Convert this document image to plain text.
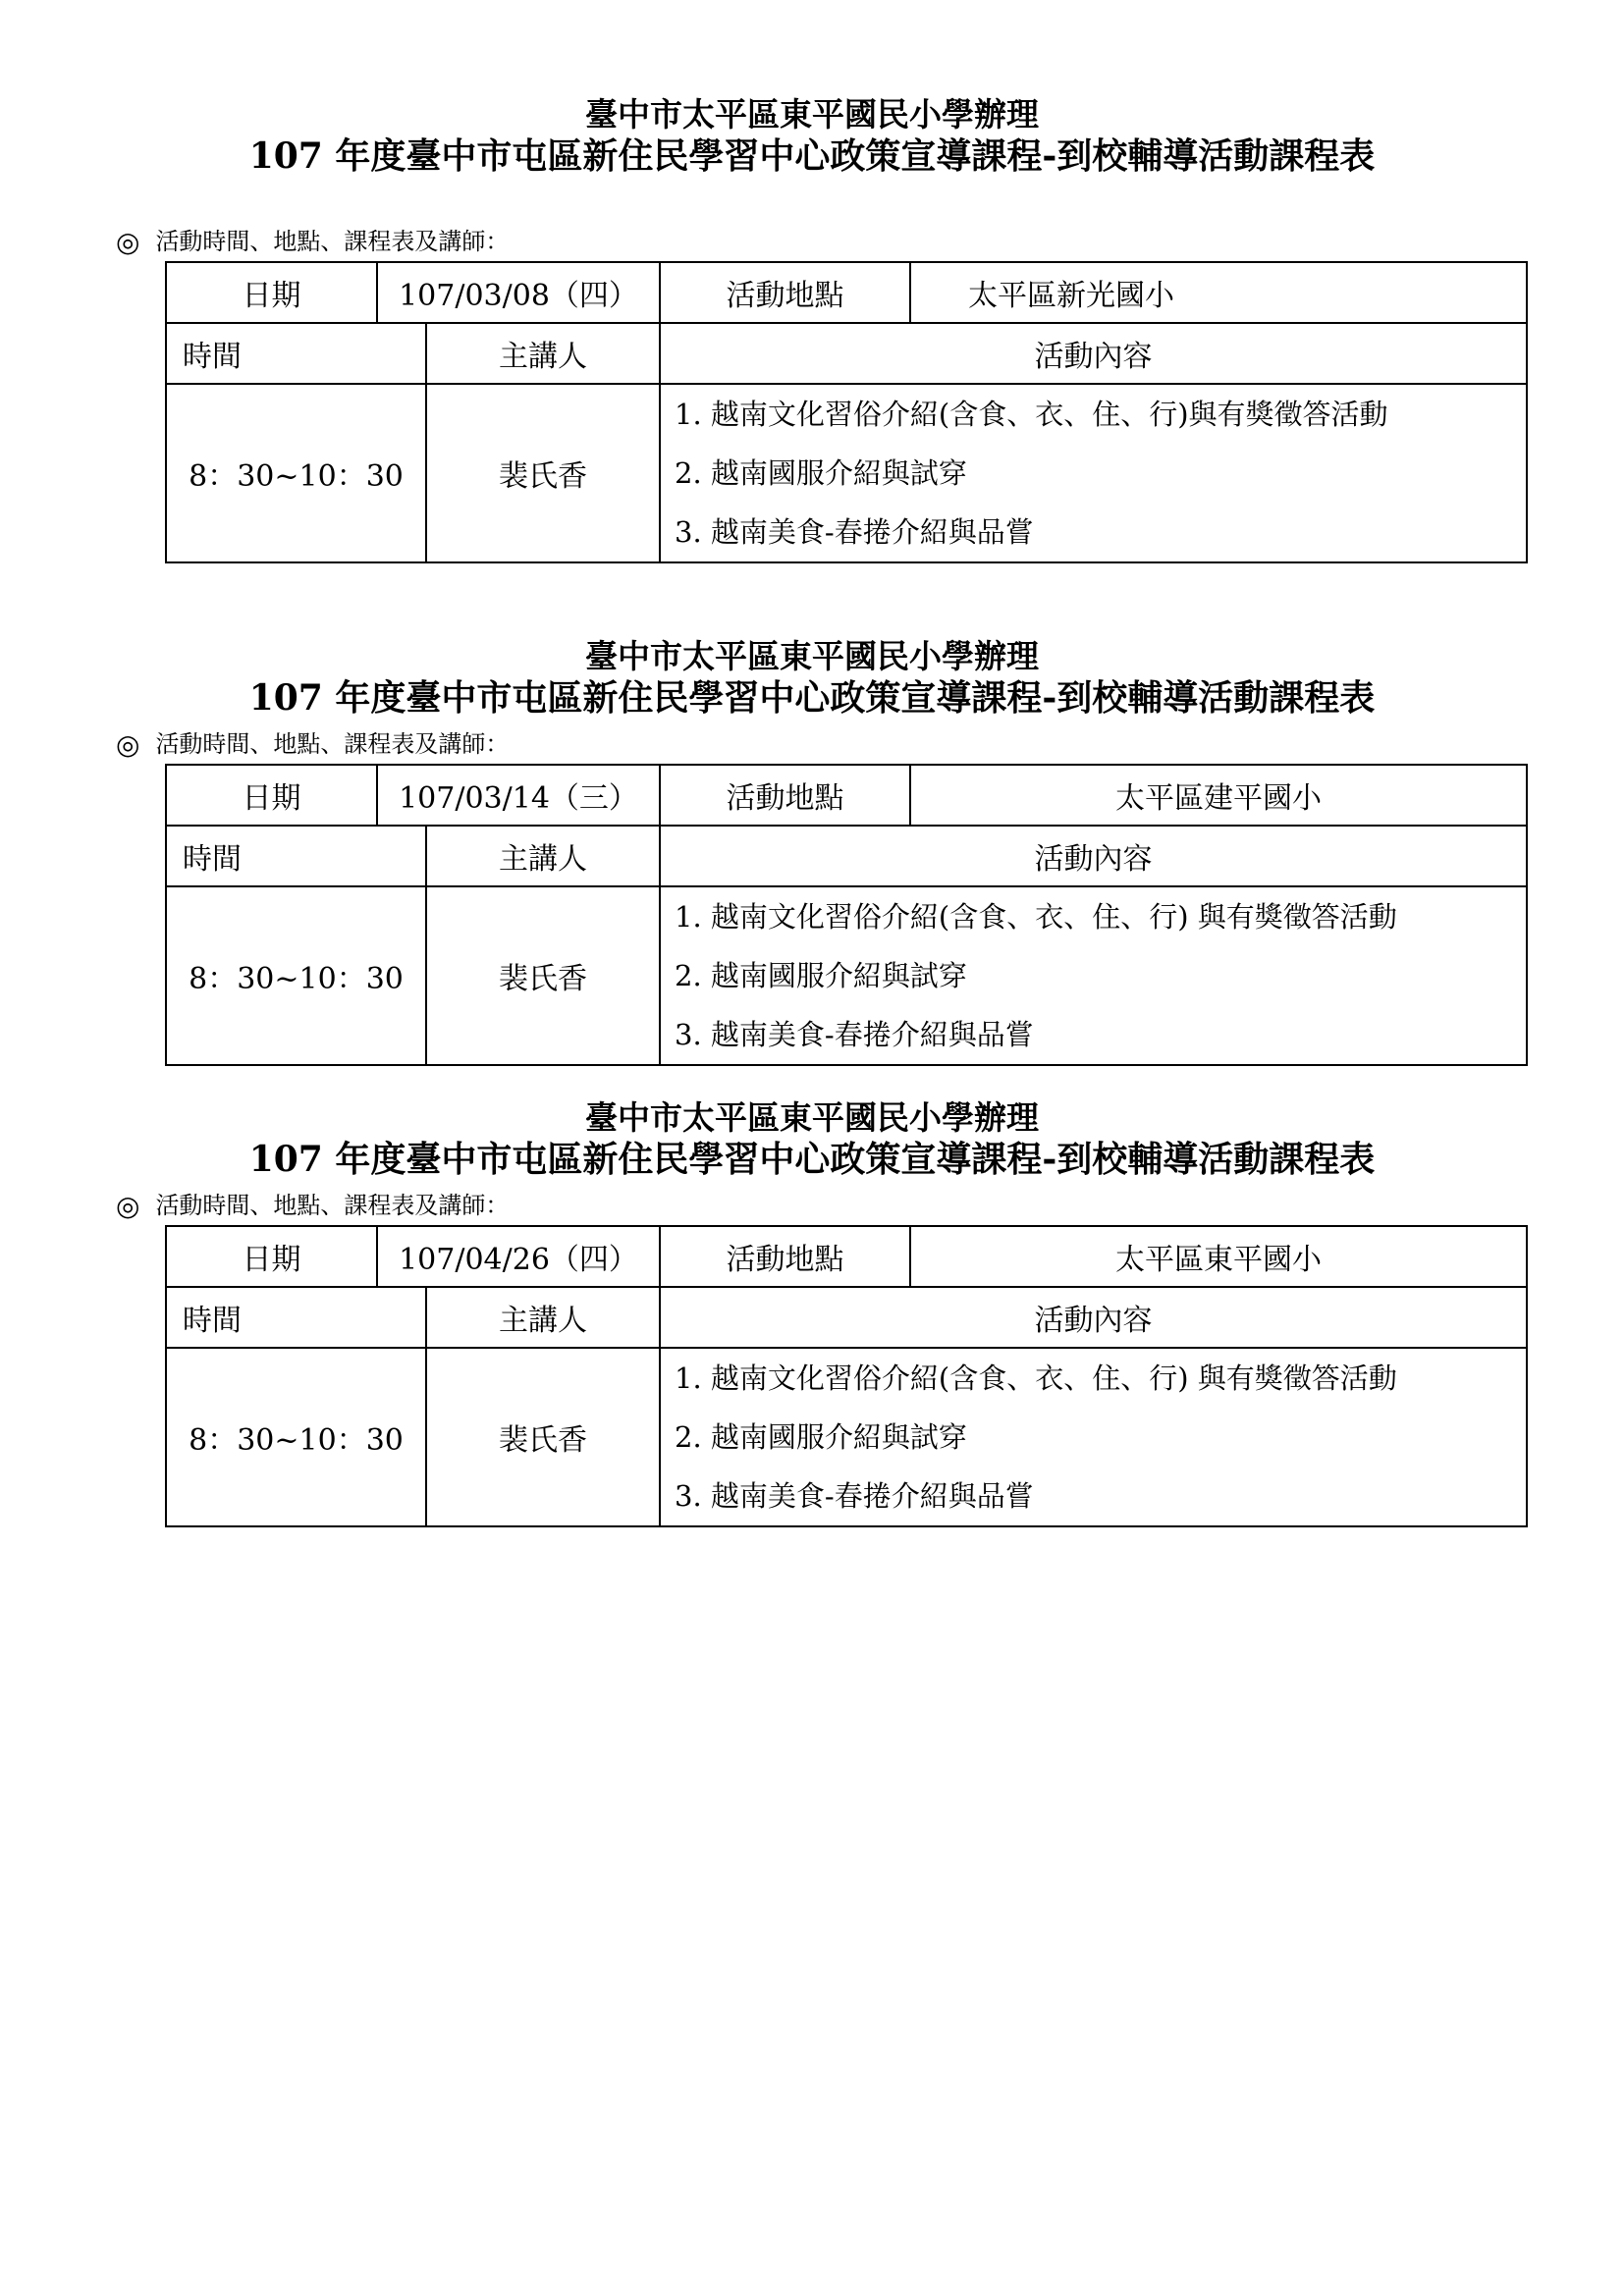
臺中市太平區東平國民小學辦理
107 年度臺中市屯區新住民學習中心政策宣導課程-到校輔導活動課程表
◎ 活動時間、地點、課程表及講師：
日期	107/03/08（四）		活動地點	太平區新光國小
時間		主講人	活動內容	
8：30~10：30		裴氏香	1. 越南文化習俗介紹(含食、衣、住、行)與有獎徵答活動
2. 越南國服介紹與試穿
3. 越南美食-春捲介紹與品嘗	
臺中市太平區東平國民小學辦理
107 年度臺中市屯區新住民學習中心政策宣導課程-到校輔導活動課程表
◎ 活動時間、地點、課程表及講師：
日期	107/03/14（三）		活動地點	太平區建平國小
時間		主講人	活動內容	
8：30~10：30		裴氏香	1. 越南文化習俗介紹(含食、衣、住、行) 與有獎徵答活動
2. 越南國服介紹與試穿
3. 越南美食-春捲介紹與品嘗	
臺中市太平區東平國民小學辦理
107 年度臺中市屯區新住民學習中心政策宣導課程-到校輔導活動課程表
◎ 活動時間、地點、課程表及講師：
日期	107/04/26（四）		活動地點	太平區東平國小
時間		主講人	活動內容	
8：30~10：30		裴氏香	1. 越南文化習俗介紹(含食、衣、住、行) 與有獎徵答活動
2. 越南國服介紹與試穿
3. 越南美食-春捲介紹與品嘗	
